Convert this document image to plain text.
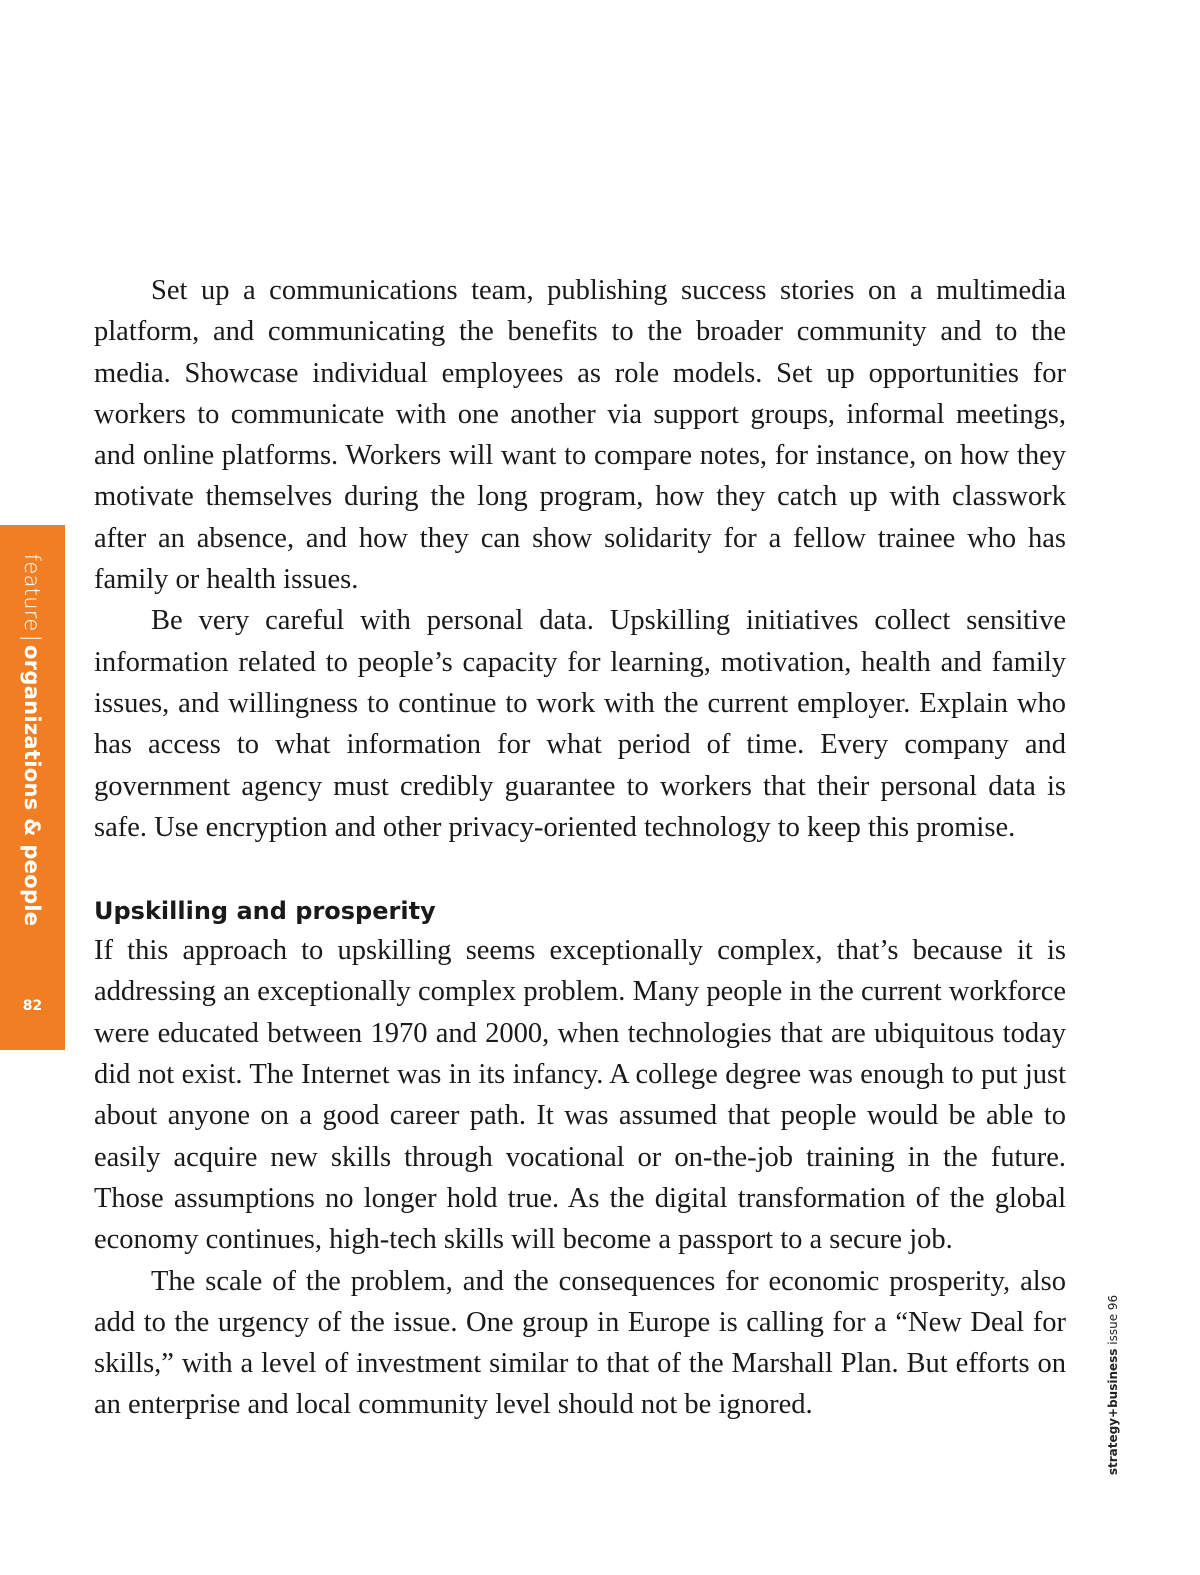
feature|organizations & people
82
strategy+business issue 96

Set up a communications team, publishing success stories on a multimedia platform, and communicating the benefits to the broader community and to the media. Showcase individual employees as role models. Set up opportunities for workers to communicate with one another via support groups, informal meetings, and online platforms. Workers will want to compare notes, for instance, on how they motivate themselves during the long program, how they catch up with classwork after an absence, and how they can show solidarity for a fellow trainee who has family or health issues.

Be very careful with personal data. Upskilling initiatives collect sensitive information related to people’s capacity for learning, motivation, health and family issues, and willingness to continue to work with the current employer. Explain who has access to what information for what period of time. Every company and government agency must credibly guarantee to workers that their personal data is safe. Use encryption and other privacy-oriented technology to keep this promise.

Upskilling and prosperity

If this approach to upskilling seems exceptionally complex, that’s because it is addressing an exceptionally complex problem. Many people in the current workforce were educated between 1970 and 2000, when technologies that are ubiquitous today did not exist. The Internet was in its infancy. A college degree was enough to put just about anyone on a good career path. It was assumed that people would be able to easily acquire new skills through vocational or on-the-job training in the future. Those assumptions no longer hold true. As the digital transformation of the global economy continues, high-tech skills will become a passport to a secure job.

The scale of the problem, and the consequences for economic prosperity, also add to the urgency of the issue. One group in Europe is calling for a “New Deal for skills,” with a level of investment similar to that of the Marshall Plan. But efforts on an enterprise and local community level should not be ignored.
